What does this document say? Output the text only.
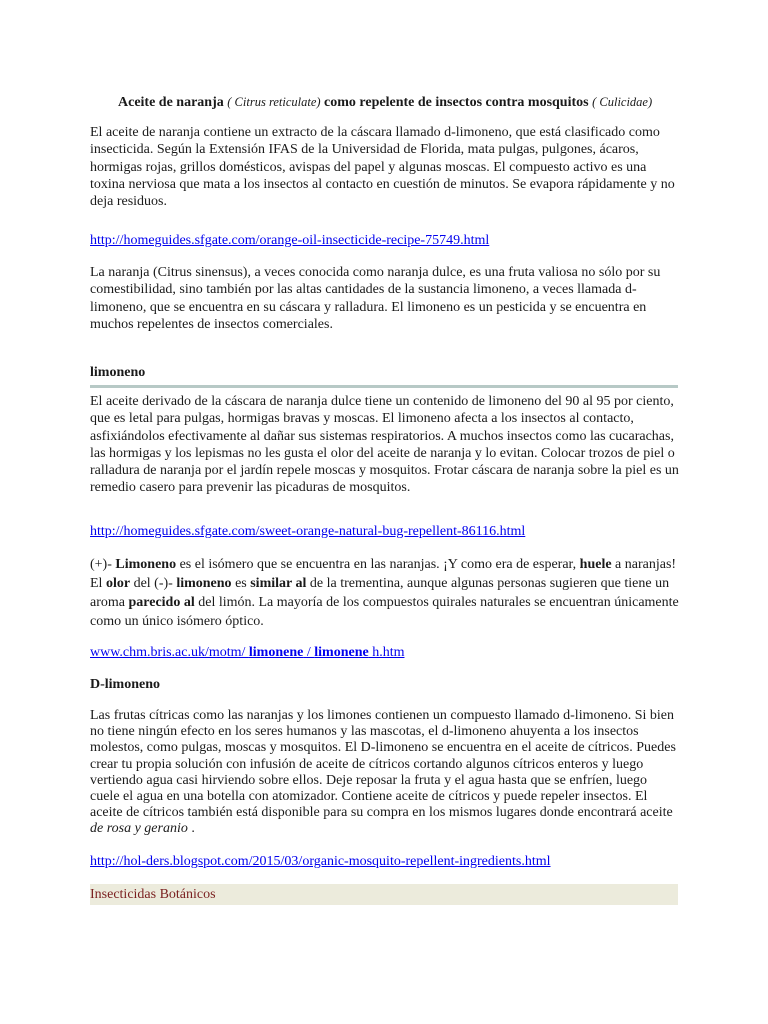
Aceite de naranja ( Citrus reticulate) como repelente de insectos contra mosquitos ( Culicidae)
El aceite de naranja contiene un extracto de la cáscara llamado d-limoneno, que está clasificado como insecticida. Según la Extensión IFAS de la Universidad de Florida, mata pulgas, pulgones, ácaros, hormigas rojas, grillos domésticos, avispas del papel y algunas moscas. El compuesto activo es una toxina nerviosa que mata a los insectos al contacto en cuestión de minutos. Se evapora rápidamente y no deja residuos.
http://homeguides.sfgate.com/orange-oil-insecticide-recipe-75749.html
La naranja (Citrus sinensus), a veces conocida como naranja dulce, es una fruta valiosa no sólo por su comestibilidad, sino también por las altas cantidades de la sustancia limoneno, a veces llamada d-limoneno, que se encuentra en su cáscara y ralladura. El limoneno es un pesticida y se encuentra en muchos repelentes de insectos comerciales.
limoneno
El aceite derivado de la cáscara de naranja dulce tiene un contenido de limoneno del 90 al 95 por ciento, que es letal para pulgas, hormigas bravas y moscas. El limoneno afecta a los insectos al contacto, asfixiándolos efectivamente al dañar sus sistemas respiratorios. A muchos insectos como las cucarachas, las hormigas y los lepismas no les gusta el olor del aceite de naranja y lo evitan. Colocar trozos de piel o ralladura de naranja por el jardín repele moscas y mosquitos. Frotar cáscara de naranja sobre la piel es un remedio casero para prevenir las picaduras de mosquitos.
http://homeguides.sfgate.com/sweet-orange-natural-bug-repellent-86116.html
(+)- Limoneno es el isómero que se encuentra en las naranjas. ¡Y como era de esperar, huele a naranjas! El olor del (-)- limoneno es similar al de la trementina, aunque algunas personas sugieren que tiene un aroma parecido al del limón. La mayoría de los compuestos quirales naturales se encuentran únicamente como un único isómero óptico.
www.chm.bris.ac.uk/motm/ limonene / limonene h.htm
D-limoneno
Las frutas cítricas como las naranjas y los limones contienen un compuesto llamado d-limoneno. Si bien no tiene ningún efecto en los seres humanos y las mascotas, el d-limoneno ahuyenta a los insectos molestos, como pulgas, moscas y mosquitos. El D-limoneno se encuentra en el aceite de cítricos. Puedes crear tu propia solución con infusión de aceite de cítricos cortando algunos cítricos enteros y luego vertiendo agua casi hirviendo sobre ellos. Deje reposar la fruta y el agua hasta que se enfríen, luego cuele el agua en una botella con atomizador. Contiene aceite de cítricos y puede repeler insectos. El aceite de cítricos también está disponible para su compra en los mismos lugares donde encontrará aceite de rosa y geranio .
http://hol-ders.blogspot.com/2015/03/organic-mosquito-repellent-ingredients.html
Insecticidas Botánicos
